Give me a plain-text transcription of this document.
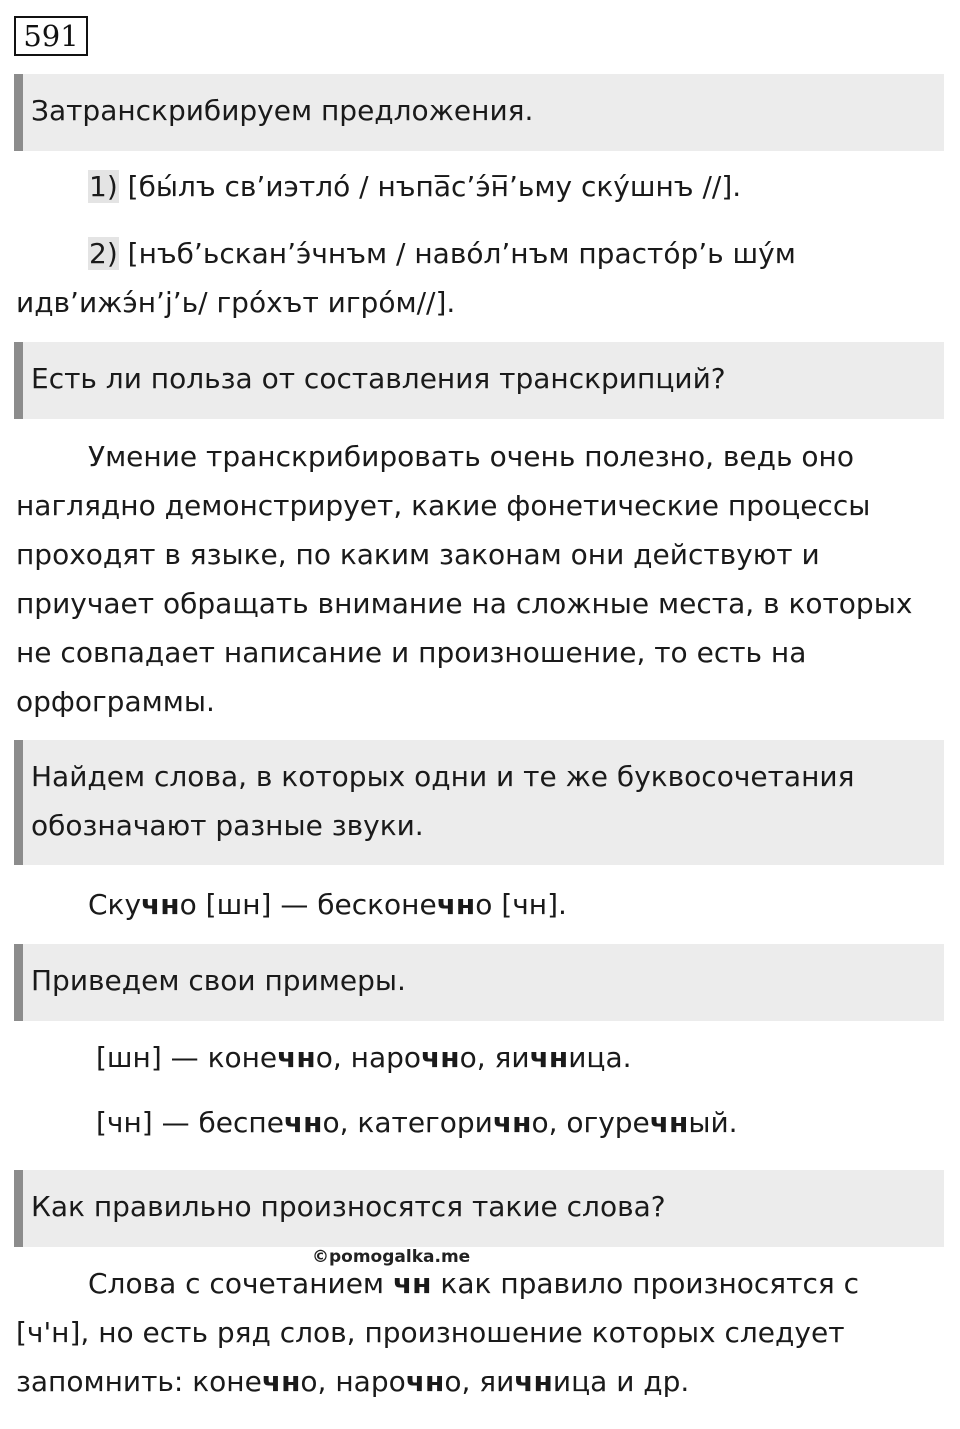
591
Затранскрибируем предложения.
1) [бы́лъ св’иэтло́ / нъпа̅с’э́н̅’ьму ску́шнъ //].
2) [нъб’ьскан’э́чнъм / наво́л’нъм прасто́р’ь шу́м
идв’ижэ́н’j’ь/ гро́хът игро́м//].
Есть ли польза от составления транскрипций?
Умение транскрибировать очень полезно, ведь оно
наглядно демонстрирует, какие фонетические процессы
проходят в языке, по каким законам они действуют и
приучает обращать внимание на сложные места, в которых
не совпадает написание и произношение, то есть на
орфограммы.
Найдем слова, в которых одни и те же буквосочетания
обозначают разные звуки.
Скучно [шн] — бесконечно [чн].
Приведем свои примеры.
[шн] — конечно, нарочно, яичница.
[чн] — беспечно, категорично, огуречный.
Как правильно произносятся такие слова?
©pomogalka.me
Слова с сочетанием чн как правило произносятся с
[ч'н], но есть ряд слов, произношение которых следует
запомнить: конечно, нарочно, яичница и др.
